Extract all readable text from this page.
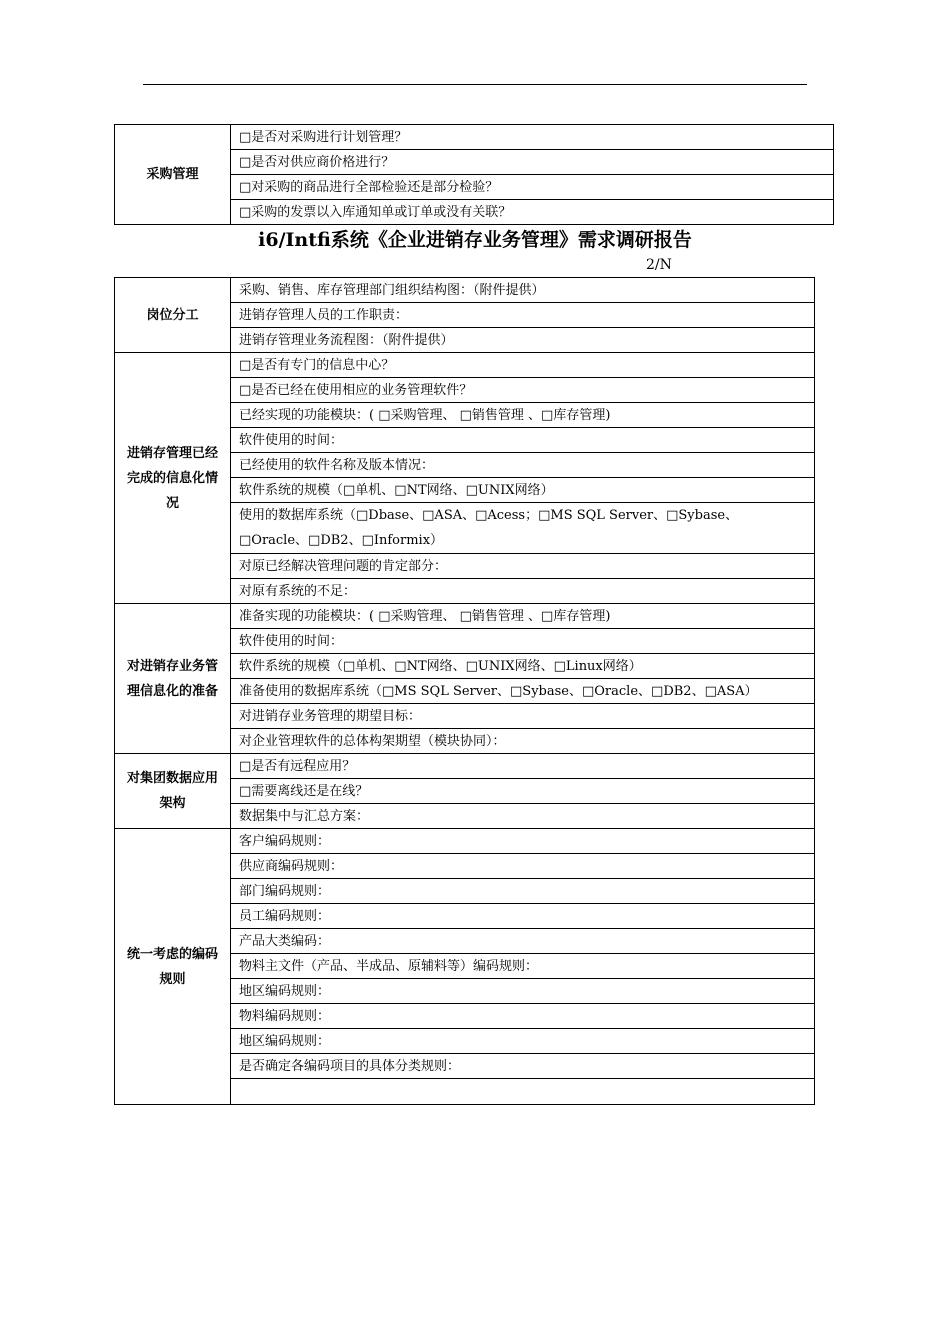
采购管理	□是否对采购进行计划管理？
□是否对供应商价格进行？
□对采购的商品进行全部检验还是部分检验？
□采购的发票以入库通知单或订单或没有关联？
i6/Intfi系统《企业进销存业务管理》需求调研报告
2/N
岗位分工	采购、销售、库存管理部门组织结构图：（附件提供）
	进销存管理人员的工作职责：
	进销存管理业务流程图：（附件提供）
进销存管理已经完成的信息化情况	□是否有专门的信息中心？
	□是否已经在使用相应的业务管理软件？
	已经实现的功能模块：( □采购管理、 □销售管理 、□库存管理)
	软件使用的时间：
	已经使用的软件名称及版本情况：
	软件系统的规模（□单机、□NT网络、□UNIX网络）
	使用的数据库系统（□Dbase、□ASA、□Acess；□MS SQL Server、□Sybase、□Oracle、□DB2、□Informix）
	对原已经解决管理问题的肯定部分：
	对原有系统的不足：
对进销存业务管理信息化的准备	准备实现的功能模块：( □采购管理、 □销售管理 、□库存管理)
	软件使用的时间：
	软件系统的规模（□单机、□NT网络、□UNIX网络、□Linux网络）
	准备使用的数据库系统（□MS SQL Server、□Sybase、□Oracle、□DB2、□ASA）
	对进销存业务管理的期望目标：
	对企业管理软件的总体构架期望（模块协同）：
对集团数据应用架构	□是否有远程应用？
	□需要离线还是在线？
	数据集中与汇总方案：
统一考虑的编码规则	客户编码规则：
	供应商编码规则：
	部门编码规则：
	员工编码规则：
	产品大类编码：
	物料主文件（产品、半成品、原辅料等）编码规则：
	地区编码规则：
	物料编码规则：
	地区编码规则：
	是否确定各编码项目的具体分类规则：
